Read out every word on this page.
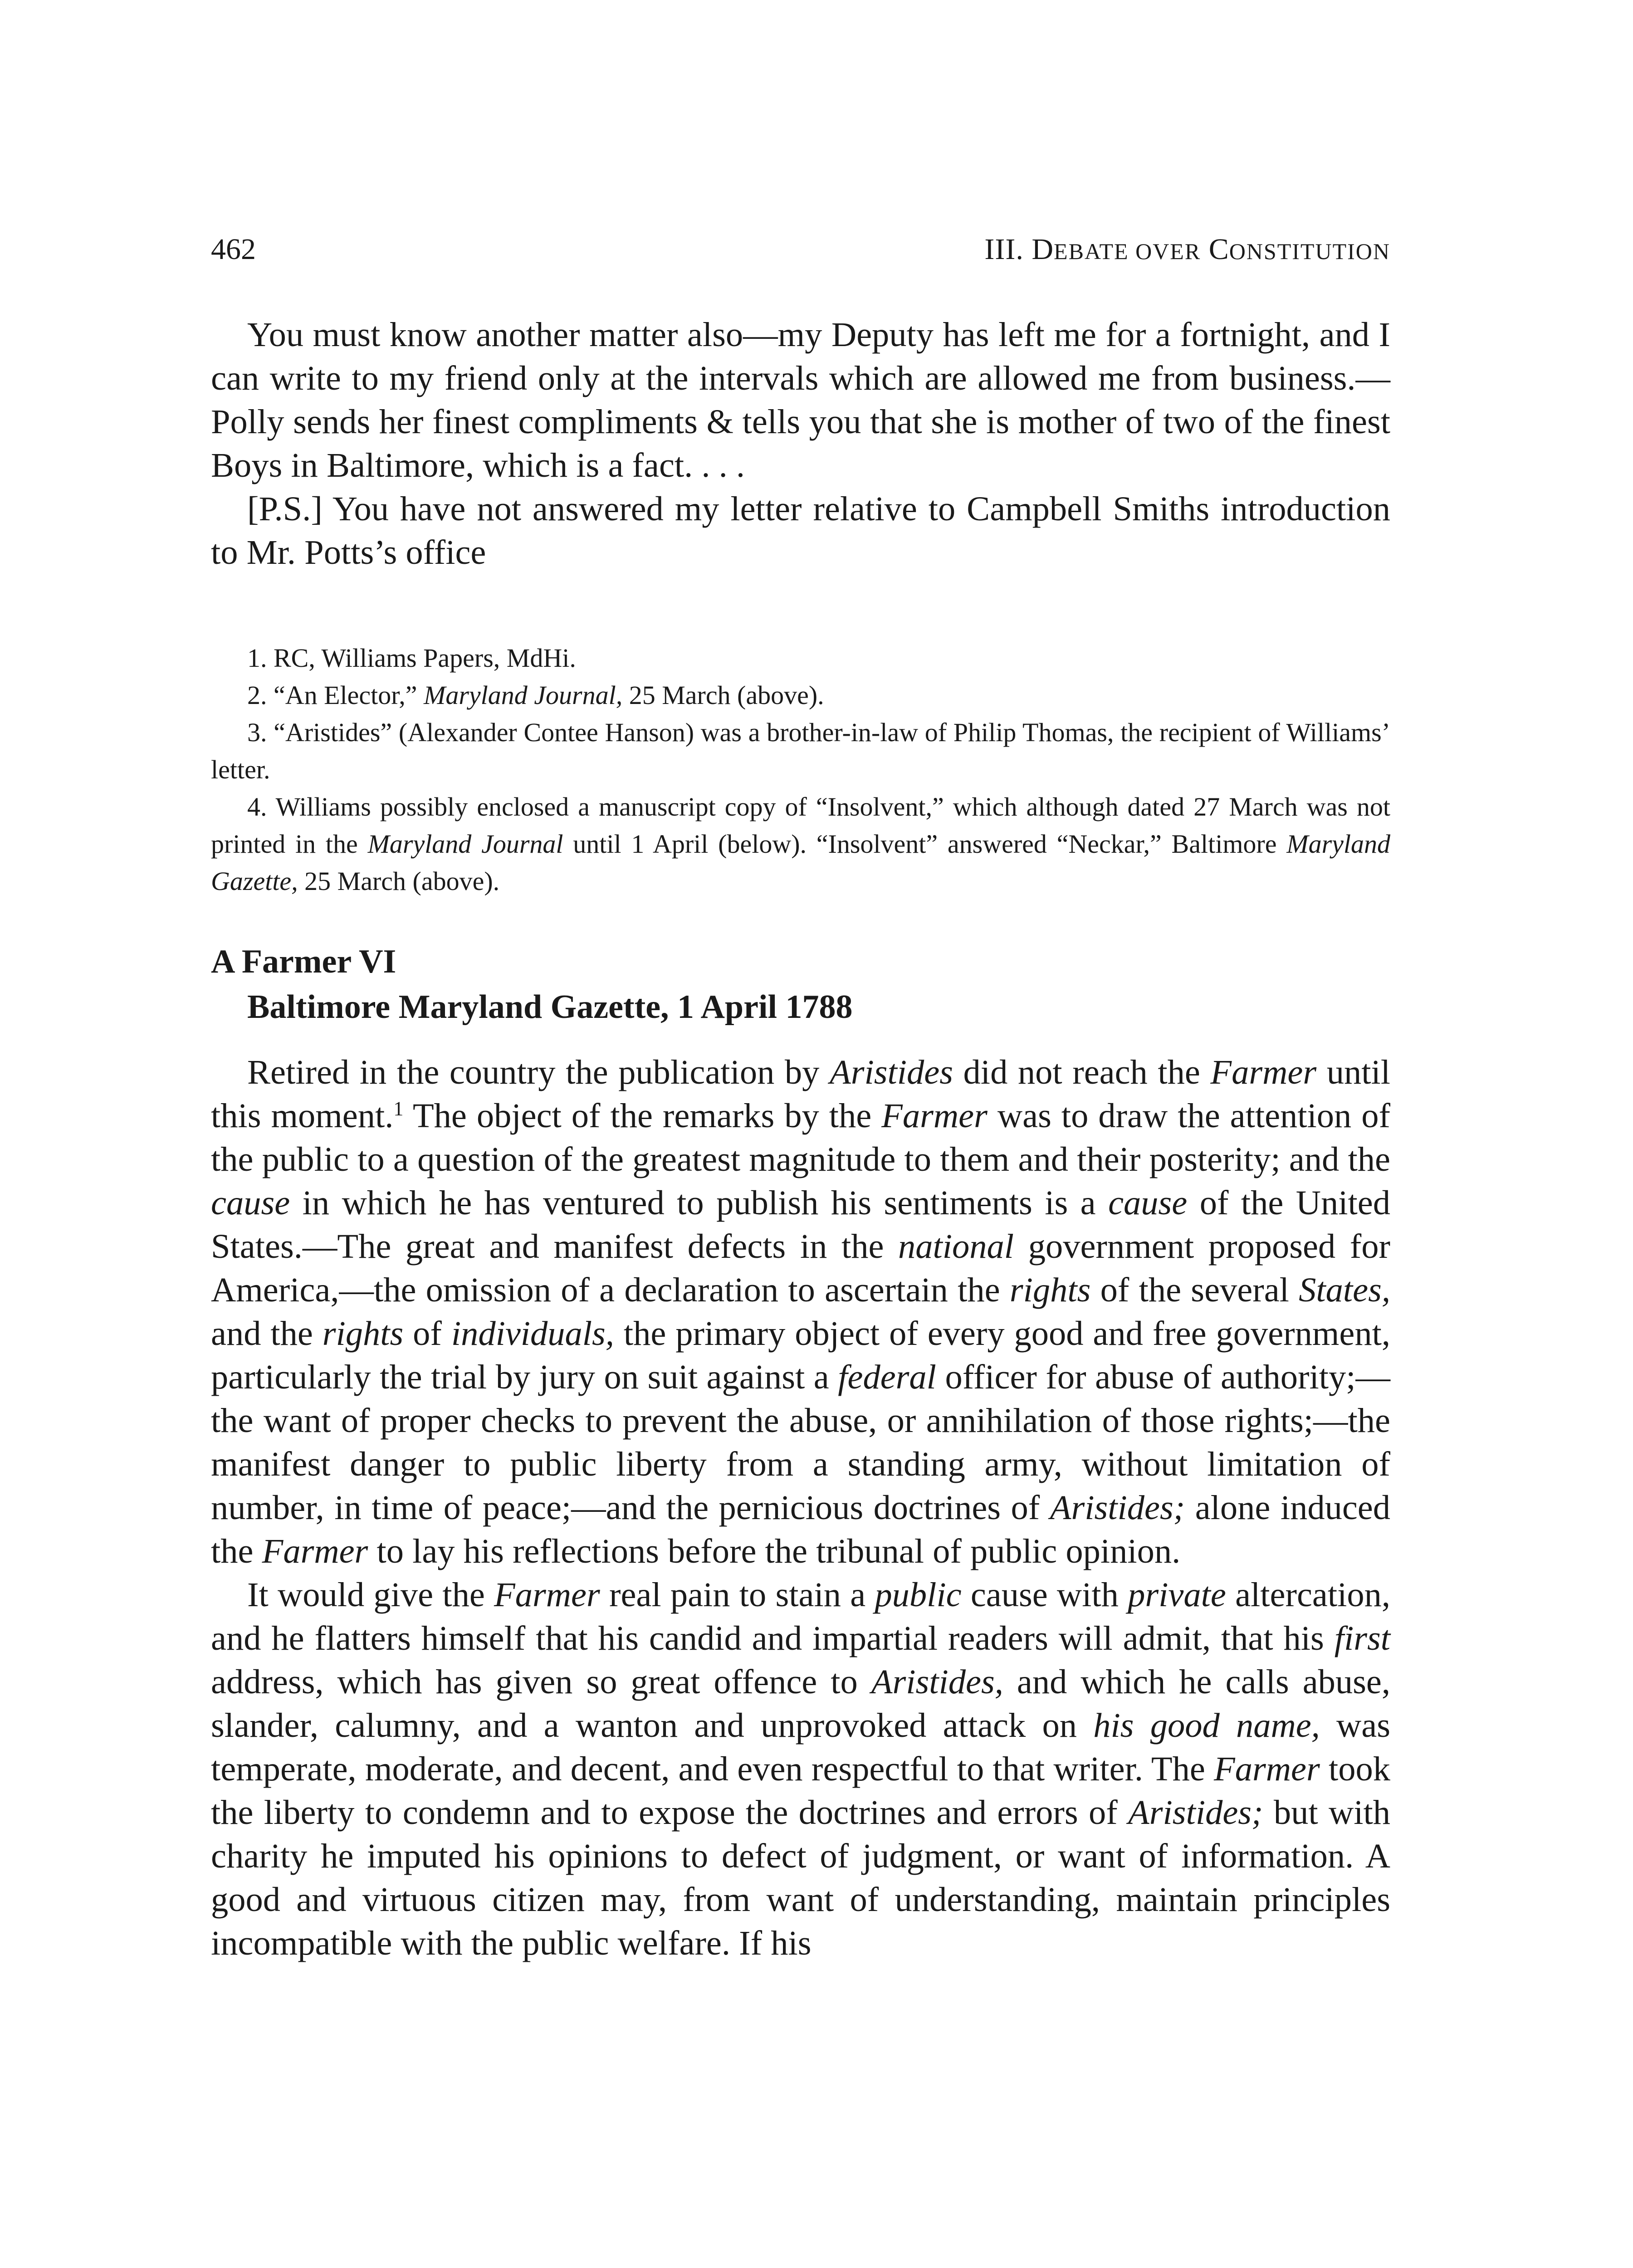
462	III. DEBATE OVER CONSTITUTION

You must know another matter also—my Deputy has left me for a fortnight, and I can write to my friend only at the intervals which are allowed me from business.—Polly sends her finest compliments & tells you that she is mother of two of the finest Boys in Baltimore, which is a fact. . . .

[P.S.] You have not answered my letter relative to Campbell Smiths introduction to Mr. Potts’s office

1. RC, Williams Papers, MdHi.

2. “An Elector,” Maryland Journal, 25 March (above).

3. “Aristides” (Alexander Contee Hanson) was a brother-in-law of Philip Thomas, the recipient of Williams’ letter.

4. Williams possibly enclosed a manuscript copy of “Insolvent,” which although dated 27 March was not printed in the Maryland Journal until 1 April (below). “Insolvent” answered “Neckar,” Baltimore Maryland Gazette, 25 March (above).

A Farmer VI
Baltimore Maryland Gazette, 1 April 1788

Retired in the country the publication by Aristides did not reach the Farmer until this moment.$^1$ The object of the remarks by the Farmer was to draw the attention of the public to a question of the greatest magnitude to them and their posterity; and the cause in which he has ventured to publish his sentiments is a cause of the United States.—The great and manifest defects in the national government proposed for America,—the omission of a declaration to ascertain the rights of the several States, and the rights of individuals, the primary object of every good and free government, particularly the trial by jury on suit against a federal officer for abuse of authority;—the want of proper checks to prevent the abuse, or annihilation of those rights;—the manifest danger to public liberty from a standing army, without limitation of number, in time of peace;—and the pernicious doctrines of Aristides; alone induced the Farmer to lay his reflections before the tribunal of public opinion.

It would give the Farmer real pain to stain a public cause with private altercation, and he flatters himself that his candid and impartial readers will admit, that his first address, which has given so great offence to Aristides, and which he calls abuse, slander, calumny, and a wanton and unprovoked attack on his good name, was temperate, moderate, and decent, and even respectful to that writer. The Farmer took the liberty to condemn and to expose the doctrines and errors of Aristides; but with charity he imputed his opinions to defect of judgment, or want of information. A good and virtuous citizen may, from want of understanding, maintain principles incompatible with the public welfare. If his
